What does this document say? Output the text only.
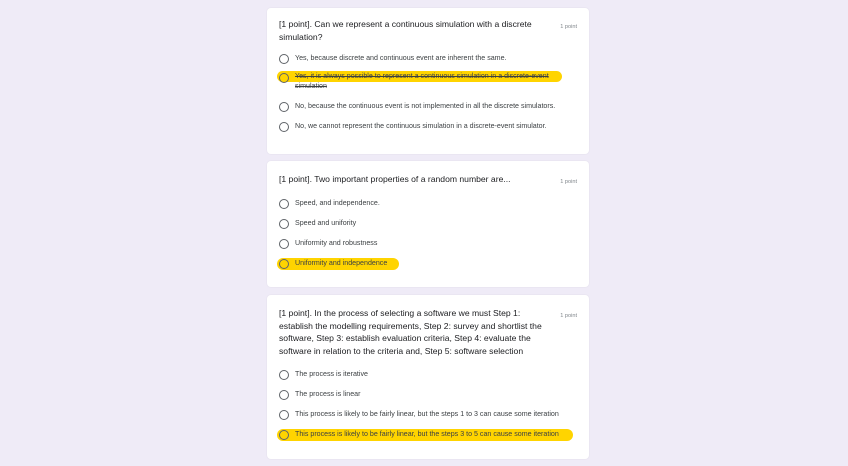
[1 point]. Can we represent a continuous simulation with a discrete simulation?
1 point
Yes, because discrete and continuous event are inherent the same.
Yes, it is always possible to represent a continuous simulation in a discrete-event simulation
No, because the continuous event is not implemented in all the discrete simulators.
No, we cannot represent the continuous simulation in a discrete-event simulator.
[1 point]. Two important properties of a random number are...	1 point
Speed, and independence.
Speed and unifority
Uniformity and robustness
Uniformity and independence
[1 point]. In the process of selecting a software we must Step 1: establish the modelling requirements, Step 2: survey and shortlist the software, Step 3: establish evaluation criteria, Step 4: evaluate the software in relation to the criteria and, Step 5: software selection
1 point
The process is iterative
The process is linear
This process is likely to be fairly linear, but the steps 1 to 3 can cause some iteration
This process is likely to be fairly linear, but the steps 3 to 5 can cause some iteration
